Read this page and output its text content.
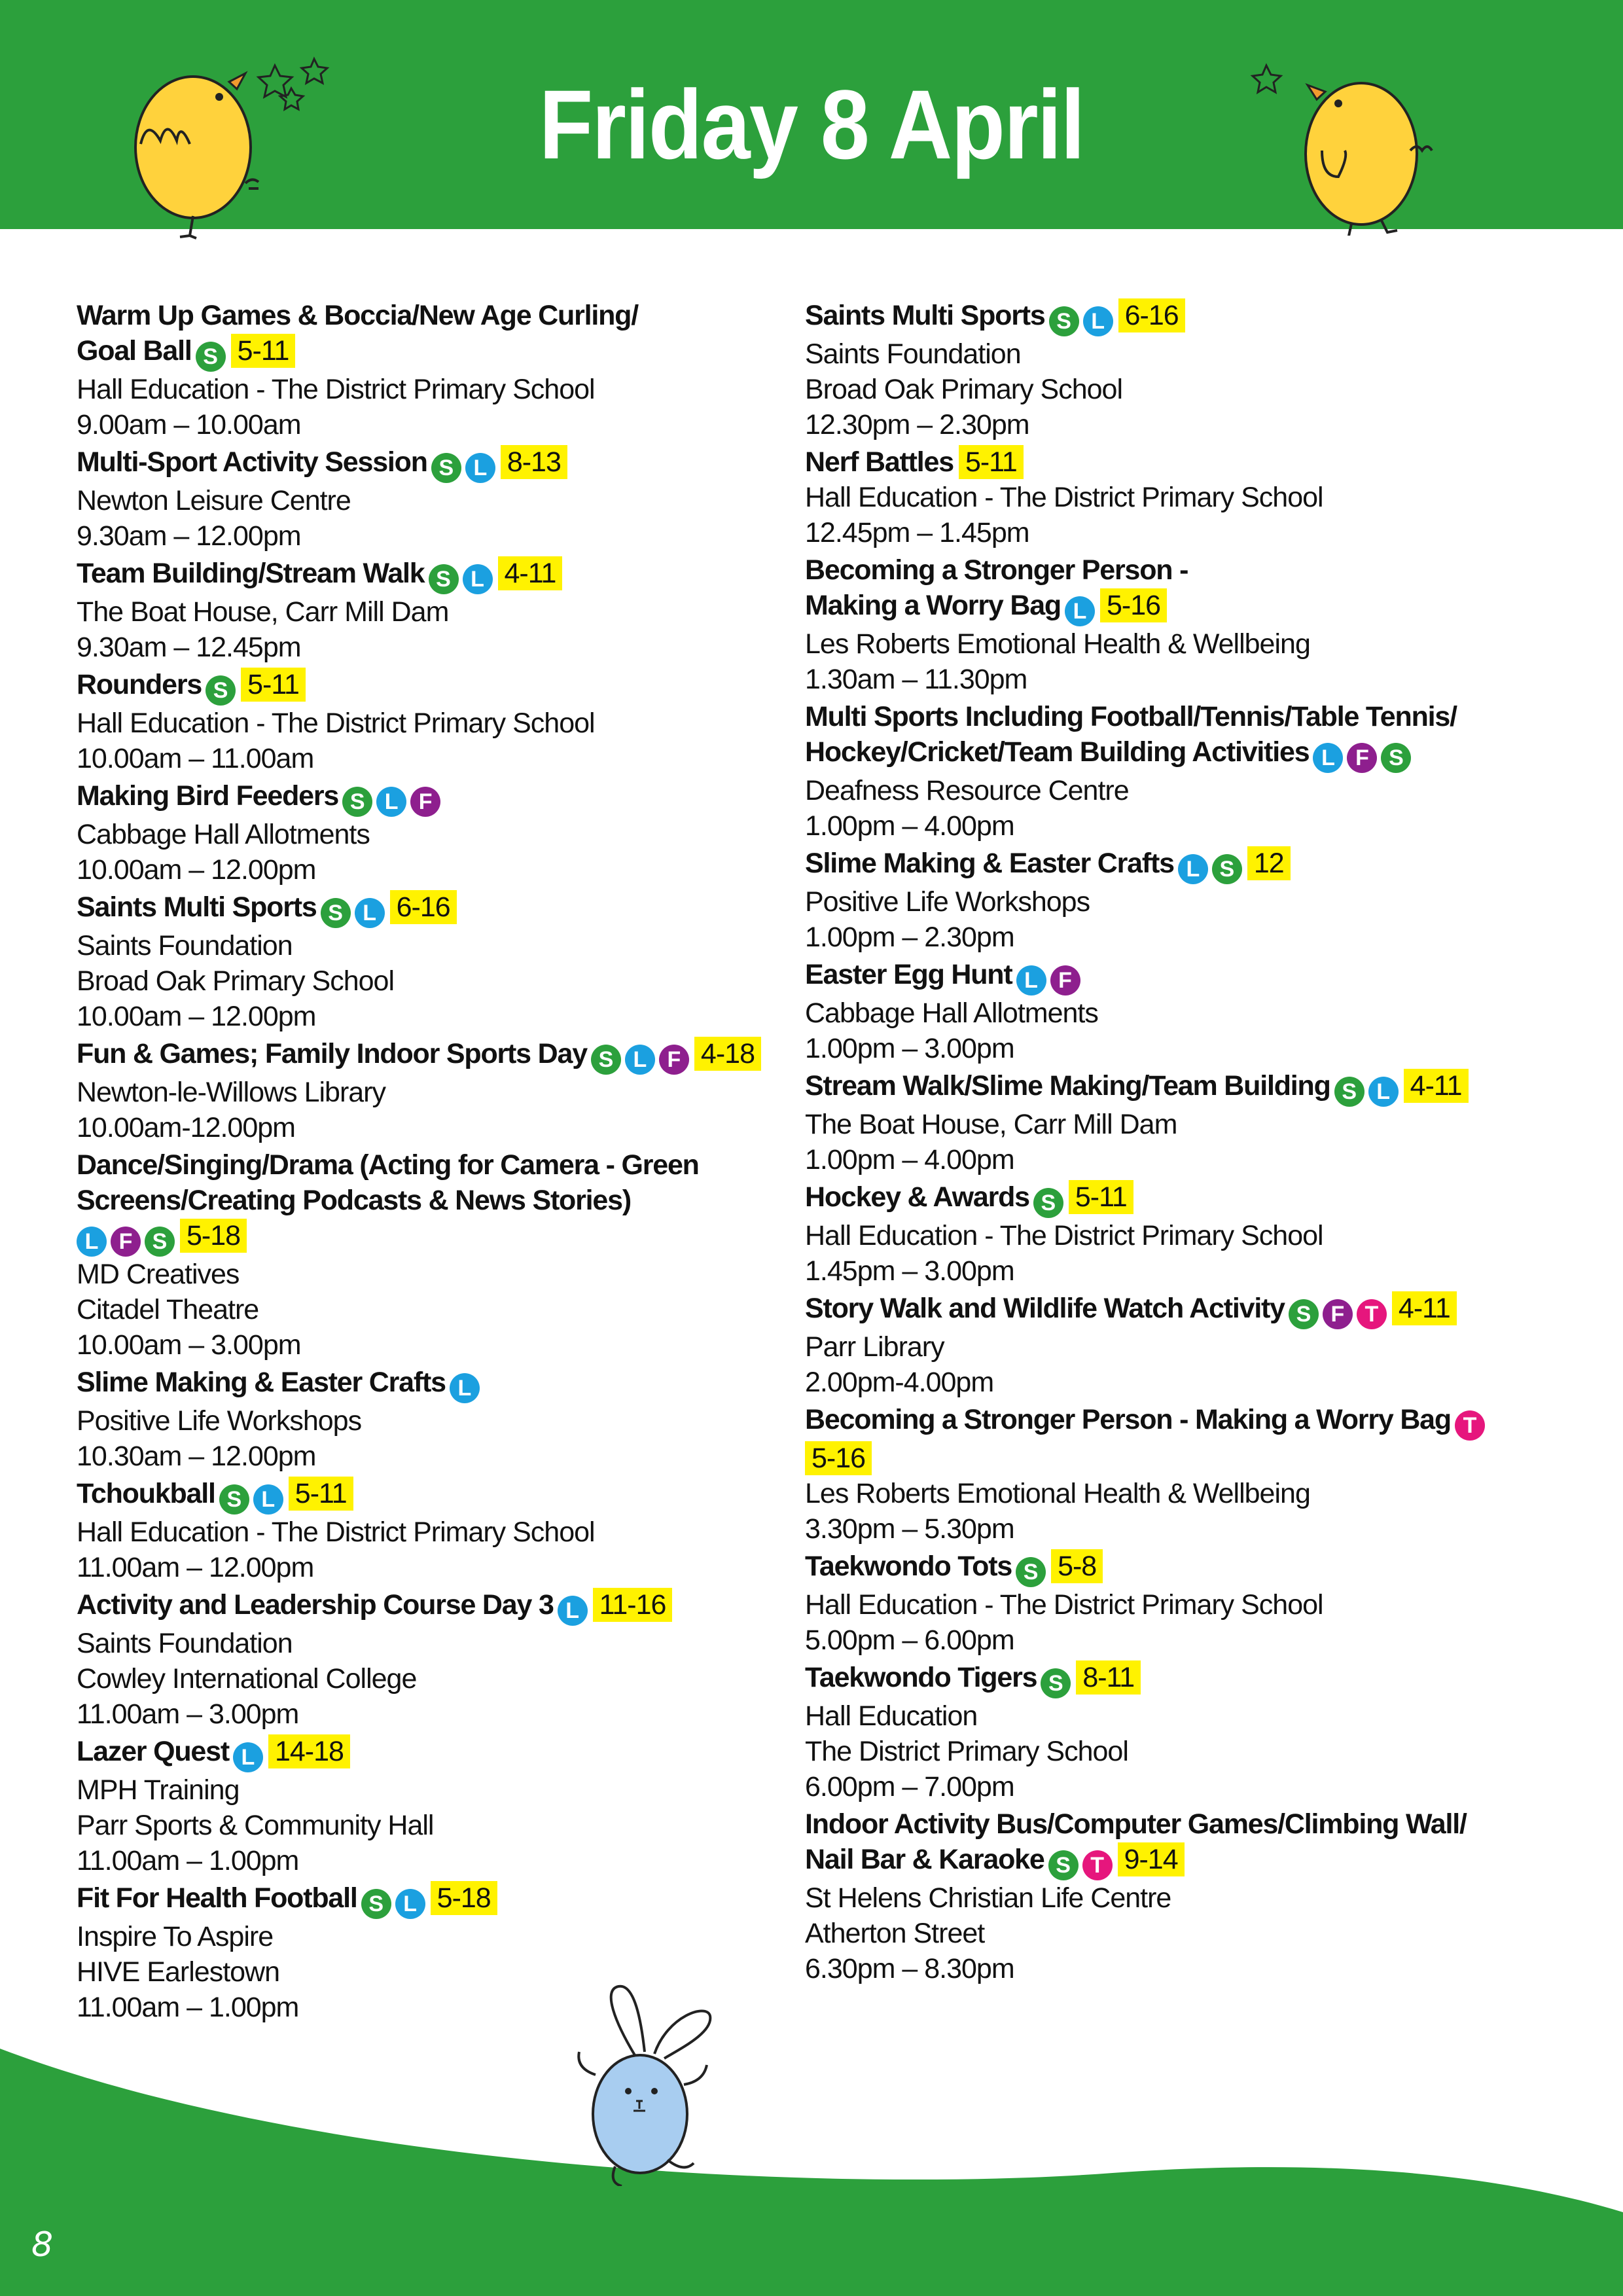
Friday 8 April
8
Warm Up Games & Boccia/New Age Curling/
Goal Ball S 5-11
Hall Education - The District Primary School
9.00am – 10.00am
Multi-Sport Activity Session S L 8-13
Newton Leisure Centre
9.30am – 12.00pm
Team Building/Stream Walk S L 4-11
The Boat House, Carr Mill Dam
9.30am – 12.45pm
Rounders S 5-11
Hall Education - The District Primary School
10.00am – 11.00am
Making Bird Feeders S L F
Cabbage Hall Allotments
10.00am – 12.00pm
Saints Multi Sports S L 6-16
Saints Foundation
Broad Oak Primary School
10.00am – 12.00pm
Fun & Games; Family Indoor Sports Day S L F 4-18
Newton-le-Willows Library
10.00am-12.00pm
Dance/Singing/Drama (Acting for Camera - Green
Screens/Creating Podcasts & News Stories)
L F S 5-18
MD Creatives
Citadel Theatre
10.00am – 3.00pm
Slime Making & Easter Crafts L
Positive Life Workshops
10.30am – 12.00pm
Tchoukball S L 5-11
Hall Education - The District Primary School
11.00am – 12.00pm
Activity and Leadership Course Day 3 L 11-16
Saints Foundation
Cowley International College
11.00am – 3.00pm
Lazer Quest L 14-18
MPH Training
Parr Sports & Community Hall
11.00am – 1.00pm
Fit For Health Football S L 5-18
Inspire To Aspire
HIVE Earlestown
11.00am – 1.00pm
Saints Multi Sports S L 6-16
Saints Foundation
Broad Oak Primary School
12.30pm – 2.30pm
Nerf Battles 5-11
Hall Education - The District Primary School
12.45pm – 1.45pm
Becoming a Stronger Person -
Making a Worry Bag L 5-16
Les Roberts Emotional Health & Wellbeing
1.30am – 11.30pm
Multi Sports Including Football/Tennis/Table Tennis/
Hockey/Cricket/Team Building Activities L F S
Deafness Resource Centre
1.00pm – 4.00pm
Slime Making & Easter Crafts L S 12
Positive Life Workshops
1.00pm – 2.30pm
Easter Egg Hunt L F
Cabbage Hall Allotments
1.00pm – 3.00pm
Stream Walk/Slime Making/Team Building S L 4-11
The Boat House, Carr Mill Dam
1.00pm – 4.00pm
Hockey & Awards S 5-11
Hall Education - The District Primary School
1.45pm – 3.00pm
Story Walk and Wildlife Watch Activity S F T 4-11
Parr Library
2.00pm-4.00pm
Becoming a Stronger Person - Making a Worry Bag T
5-16
Les Roberts Emotional Health & Wellbeing
3.30pm – 5.30pm
Taekwondo Tots S 5-8
Hall Education - The District Primary School
5.00pm – 6.00pm
Taekwondo Tigers S 8-11
Hall Education
The District Primary School
6.00pm – 7.00pm
Indoor Activity Bus/Computer Games/Climbing Wall/
Nail Bar & Karaoke S T 9-14
St Helens Christian Life Centre
Atherton Street
6.30pm – 8.30pm
